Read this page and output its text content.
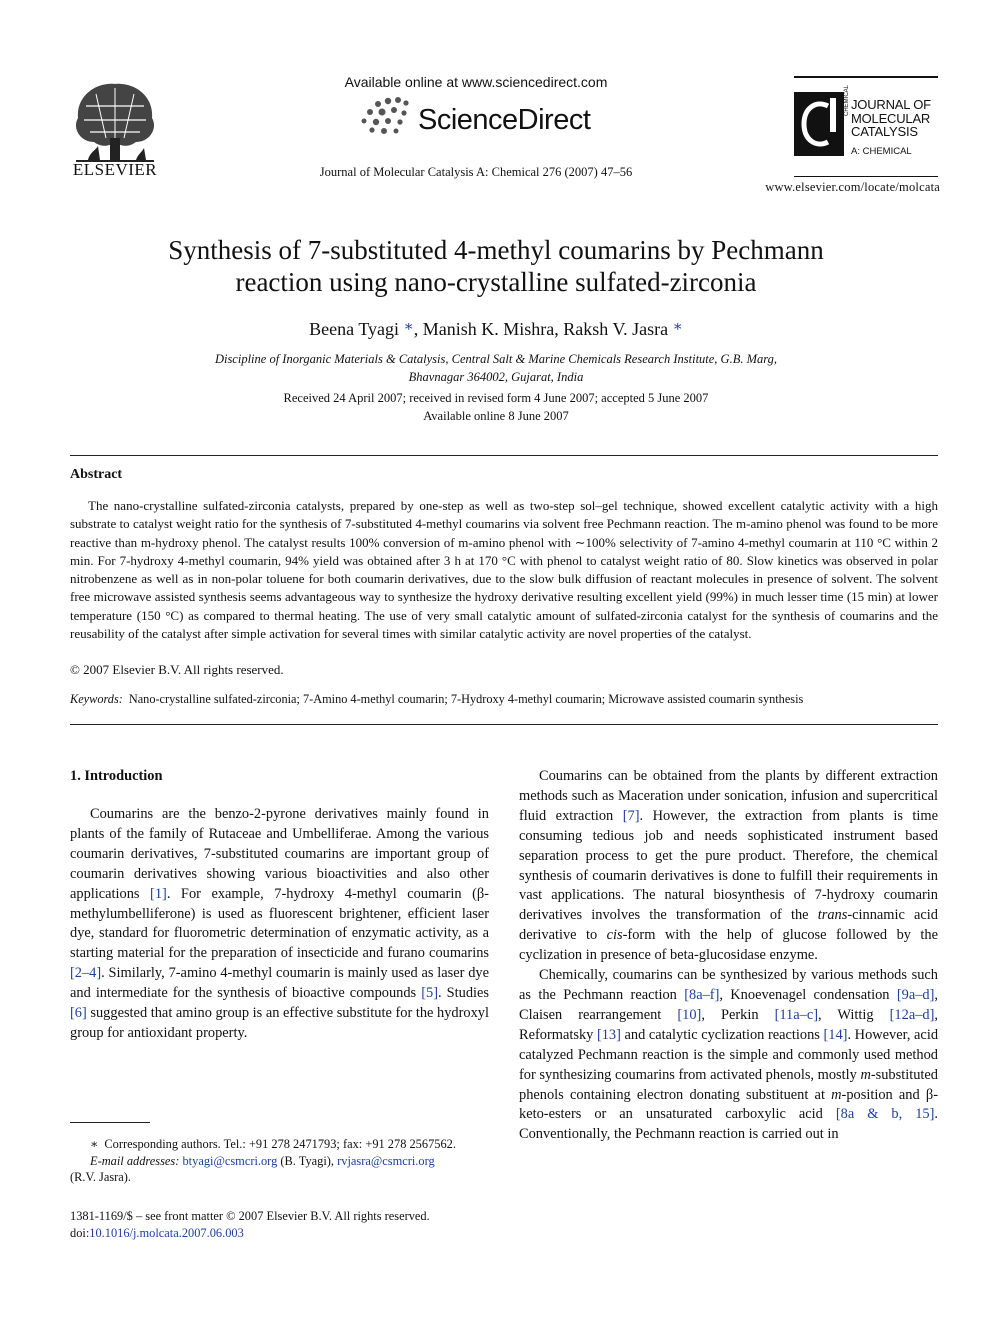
ELSEVIER
Available online at www.sciencedirect.com
ScienceDirect
Journal of Molecular Catalysis A: Chemical 276 (2007) 47–56
CHEMICAL JOURNAL OF MOLECULAR CATALYSIS
A: CHEMICAL
www.elsevier.com/locate/molcata
Synthesis of 7-substituted 4-methyl coumarins by Pechmann
reaction using nano-crystalline sulfated-zirconia
Beena Tyagi ∗, Manish K. Mishra, Raksh V. Jasra ∗
Discipline of Inorganic Materials & Catalysis, Central Salt & Marine Chemicals Research Institute, G.B. Marg,
Bhavnagar 364002, Gujarat, India
Received 24 April 2007; received in revised form 4 June 2007; accepted 5 June 2007
Available online 8 June 2007
Abstract

The nano-crystalline sulfated-zirconia catalysts, prepared by one-step as well as two-step sol–gel technique, showed excellent catalytic activity with a high substrate to catalyst weight ratio for the synthesis of 7-substituted 4-methyl coumarins via solvent free Pechmann reaction. The m-amino phenol was found to be more reactive than m-hydroxy phenol. The catalyst results 100% conversion of m-amino phenol with ∼100% selectivity of 7-amino 4-methyl coumarin at 110 °C within 2 min. For 7-hydroxy 4-methyl coumarin, 94% yield was obtained after 3 h at 170 °C with phenol to catalyst weight ratio of 80. Slow kinetics was observed in polar nitrobenzene as well as in non-polar toluene for both coumarin derivatives, due to the slow bulk diffusion of reactant molecules in presence of solvent. The solvent free microwave assisted synthesis seems advantageous way to synthesize the hydroxy derivative resulting excellent yield (99%) in much lesser time (15 min) at lower temperature (150 °C) as compared to thermal heating. The use of very small catalytic amount of sulfated-zirconia catalyst for the synthesis of coumarins and the reusability of the catalyst after simple activation for several times with similar catalytic activity are novel properties of the catalyst.

© 2007 Elsevier B.V. All rights reserved.
Keywords: Nano-crystalline sulfated-zirconia; 7-Amino 4-methyl coumarin; 7-Hydroxy 4-methyl coumarin; Microwave assisted coumarin synthesis
1. Introduction

Coumarins are the benzo-2-pyrone derivatives mainly found in plants of the family of Rutaceae and Umbelliferae. Among the various coumarin derivatives, 7-substituted coumarins are important group of coumarin derivatives showing various bioactivities and also other applications [1]. For example, 7-hydroxy 4-methyl coumarin (β-methylumbelliferone) is used as fluorescent brightener, efficient laser dye, standard for fluorometric determination of enzymatic activity, as a starting material for the preparation of insecticide and furano coumarins [2–4]. Similarly, 7-amino 4-methyl coumarin is mainly used as laser dye and intermediate for the synthesis of bioactive compounds [5]. Studies [6] suggested that amino group is an effective substitute for the hydroxyl group for antioxidant property.

∗ Corresponding authors. Tel.: +91 278 2471793; fax: +91 278 2567562.
E-mail addresses: btyagi@csmcri.org (B. Tyagi), rvjasra@csmcri.org
(R.V. Jasra).
1381-1169/$ – see front matter © 2007 Elsevier B.V. All rights reserved.
doi:10.1016/j.molcata.2007.06.003

Coumarins can be obtained from the plants by different extraction methods such as Maceration under sonication, infusion and supercritical fluid extraction [7]. However, the extraction from plants is time consuming tedious job and needs sophisticated instrument based separation process to get the pure product. Therefore, the chemical synthesis of coumarin derivatives is done to fulfill their requirements in vast applications. The natural biosynthesis of 7-hydroxy coumarin derivatives involves the transformation of the trans-cinnamic acid derivative to cis-form with the help of glucose followed by the cyclization in presence of beta-glucosidase enzyme.

Chemically, coumarins can be synthesized by various methods such as the Pechmann reaction [8a–f], Knoevenagel condensation [9a–d], Claisen rearrangement [10], Perkin [11a–c], Wittig [12a–d], Reformatsky [13] and catalytic cyclization reactions [14]. However, acid catalyzed Pechmann reaction is the simple and commonly used method for synthesizing coumarins from activated phenols, mostly m-substituted phenols containing electron donating substituent at m-position and β-keto-esters or an unsaturated carboxylic acid [8a & b, 15]. Conventionally, the Pechmann reaction is carried out in
